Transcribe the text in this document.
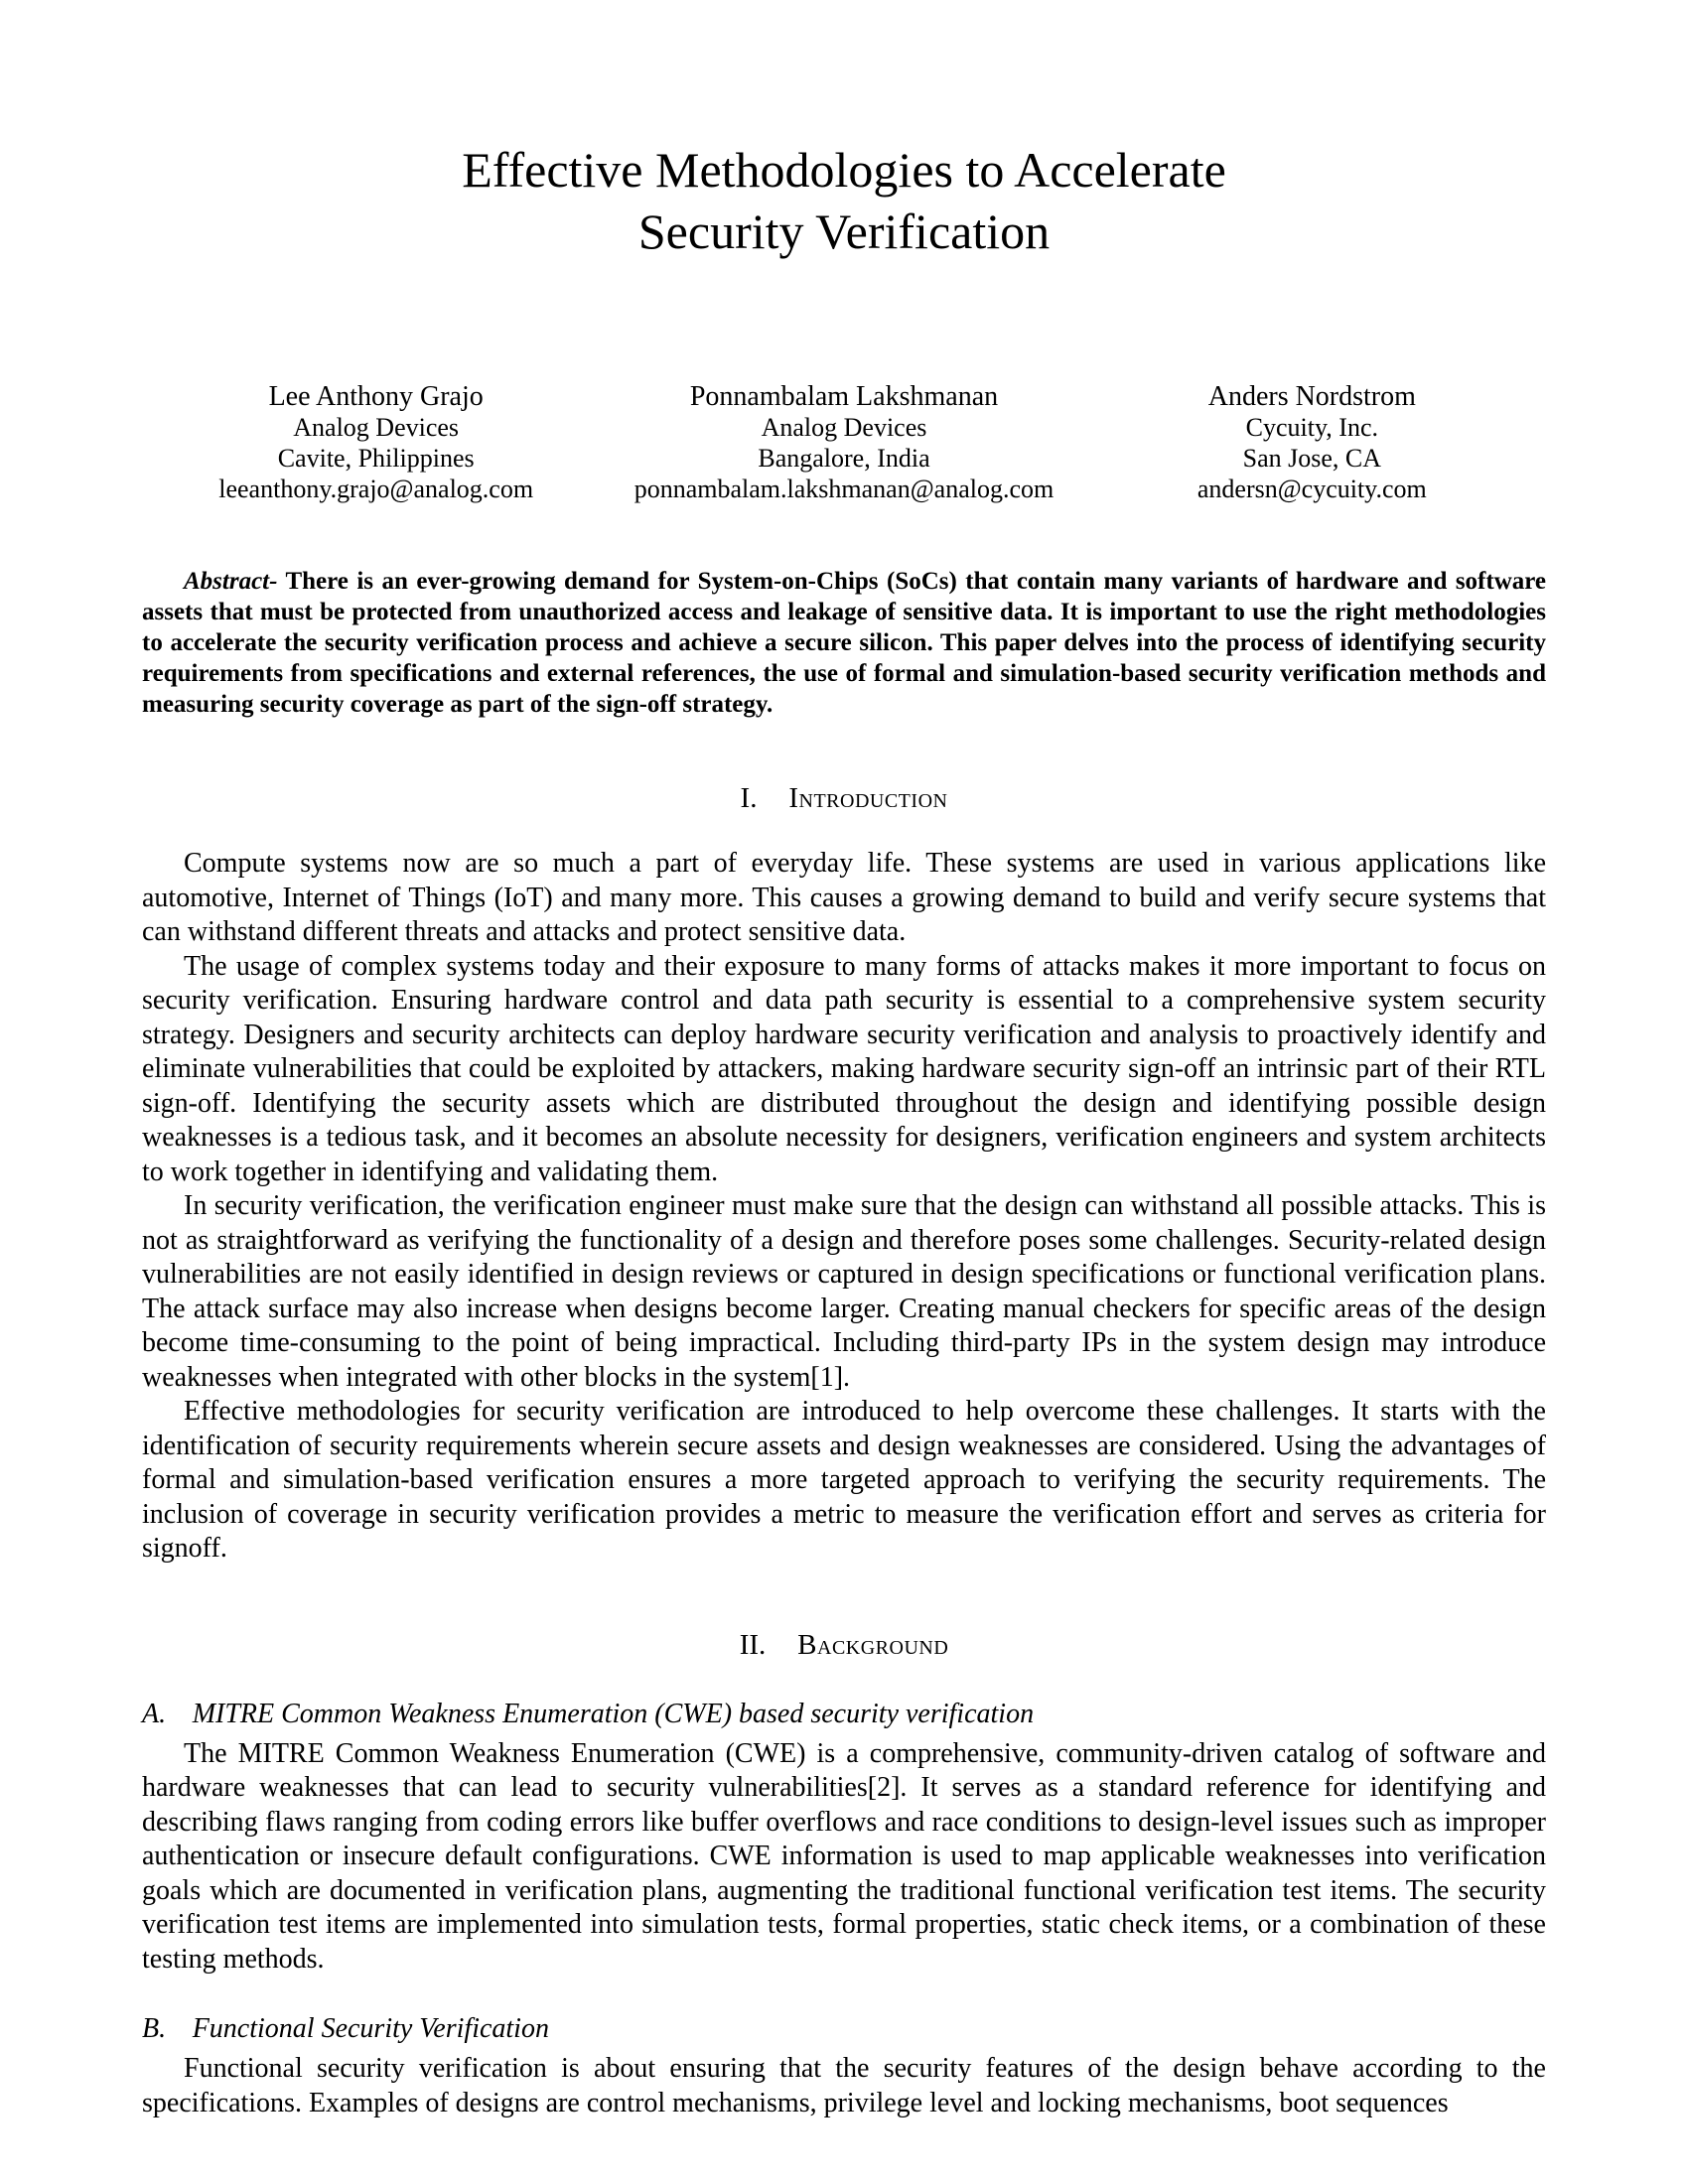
Effective Methodologies to Accelerate
Security Verification
Lee Anthony Grajo
Analog Devices
Cavite, Philippines
leeanthony.grajo@analog.com
Ponnambalam Lakshmanan
Analog Devices
Bangalore, India
ponnambalam.lakshmanan@analog.com
Anders Nordstrom
Cycuity, Inc.
San Jose, CA
andersn@cycuity.com

Abstract- There is an ever-growing demand for System-on-Chips (SoCs) that contain many variants of hardware and software assets that must be protected from unauthorized access and leakage of sensitive data. It is important to use the right methodologies to accelerate the security verification process and achieve a secure silicon. This paper delves into the process of identifying security requirements from specifications and external references, the use of formal and simulation-based security verification methods and measuring security coverage as part of the sign-off strategy.

I. Introduction

Compute systems now are so much a part of everyday life. These systems are used in various applications like automotive, Internet of Things (IoT) and many more. This causes a growing demand to build and verify secure systems that can withstand different threats and attacks and protect sensitive data.

The usage of complex systems today and their exposure to many forms of attacks makes it more important to focus on security verification. Ensuring hardware control and data path security is essential to a comprehensive system security strategy. Designers and security architects can deploy hardware security verification and analysis to proactively identify and eliminate vulnerabilities that could be exploited by attackers, making hardware security sign-off an intrinsic part of their RTL sign-off. Identifying the security assets which are distributed throughout the design and identifying possible design weaknesses is a tedious task, and it becomes an absolute necessity for designers, verification engineers and system architects to work together in identifying and validating them.

In security verification, the verification engineer must make sure that the design can withstand all possible attacks. This is not as straightforward as verifying the functionality of a design and therefore poses some challenges. Security-related design vulnerabilities are not easily identified in design reviews or captured in design specifications or functional verification plans. The attack surface may also increase when designs become larger. Creating manual checkers for specific areas of the design become time-consuming to the point of being impractical. Including third-party IPs in the system design may introduce weaknesses when integrated with other blocks in the system[1].

Effective methodologies for security verification are introduced to help overcome these challenges. It starts with the identification of security requirements wherein secure assets and design weaknesses are considered. Using the advantages of formal and simulation-based verification ensures a more targeted approach to verifying the security requirements. The inclusion of coverage in security verification provides a metric to measure the verification effort and serves as criteria for signoff.

II. Background
A. MITRE Common Weakness Enumeration (CWE) based security verification

The MITRE Common Weakness Enumeration (CWE) is a comprehensive, community-driven catalog of software and hardware weaknesses that can lead to security vulnerabilities[2]. It serves as a standard reference for identifying and describing flaws ranging from coding errors like buffer overflows and race conditions to design-level issues such as improper authentication or insecure default configurations. CWE information is used to map applicable weaknesses into verification goals which are documented in verification plans, augmenting the traditional functional verification test items. The security verification test items are implemented into simulation tests, formal properties, static check items, or a combination of these testing methods.

B. Functional Security Verification

Functional security verification is about ensuring that the security features of the design behave according to the specifications. Examples of designs are control mechanisms, privilege level and locking mechanisms, boot sequences
